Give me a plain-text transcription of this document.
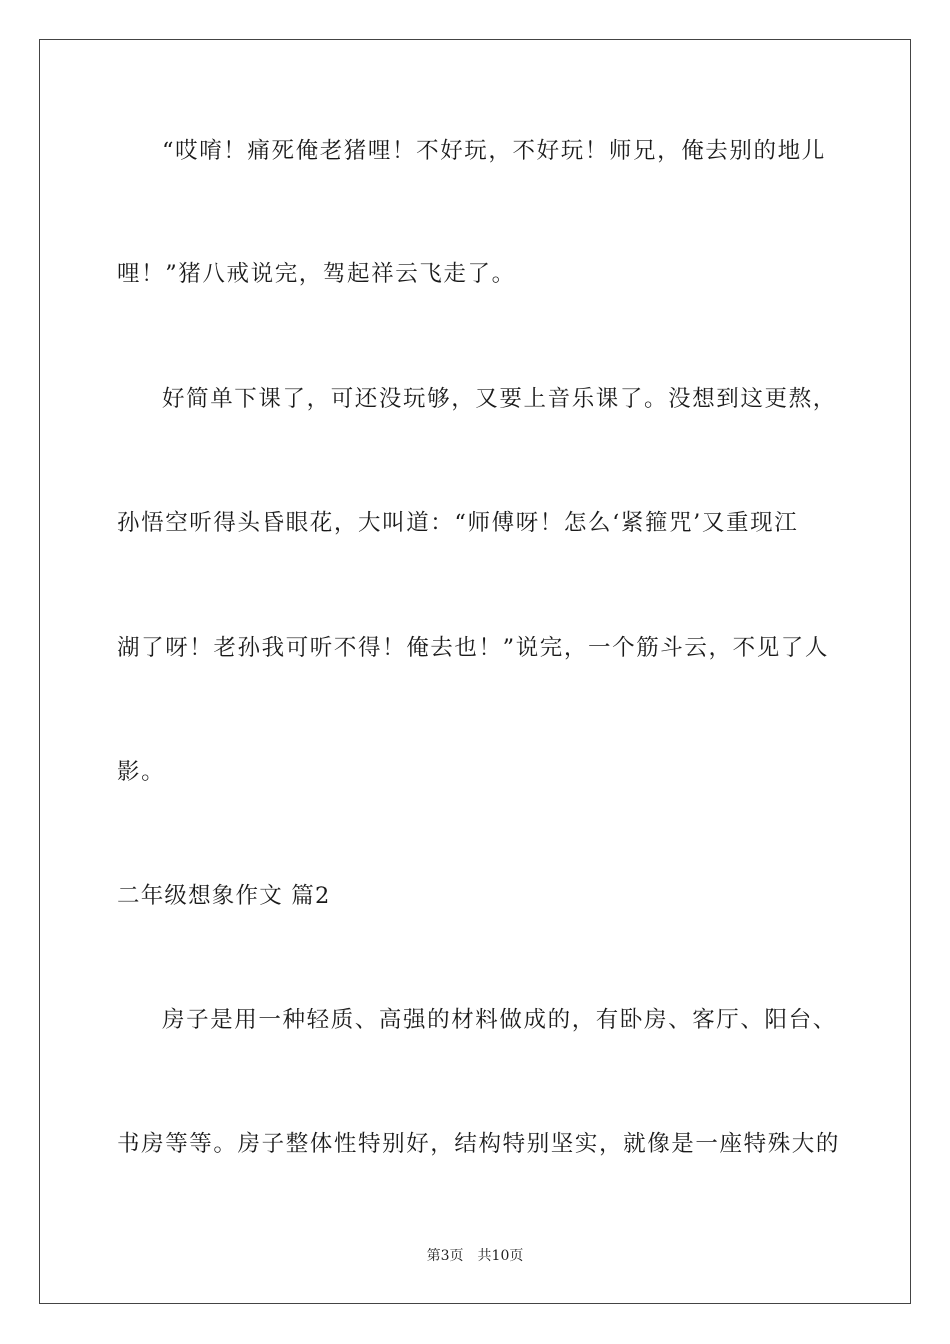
“哎唷！痛死俺老猪哩！不好玩，不好玩！师兄，俺去别的地儿
哩！”猪八戒说完，驾起祥云飞走了。
好简单下课了，可还没玩够，又要上音乐课了。没想到这更熬，
孙悟空听得头昏眼花，大叫道：“师傅呀！怎么‘紧箍咒’又重现江
湖了呀！老孙我可听不得！俺去也！”说完，一个筋斗云，不见了人
影。
二年级想象作文 篇2
房子是用一种轻质、高强的材料做成的，有卧房、客厅、阳台、
书房等等。房子整体性特别好，结构特别坚实，就像是一座特殊大的
第3页　共10页
